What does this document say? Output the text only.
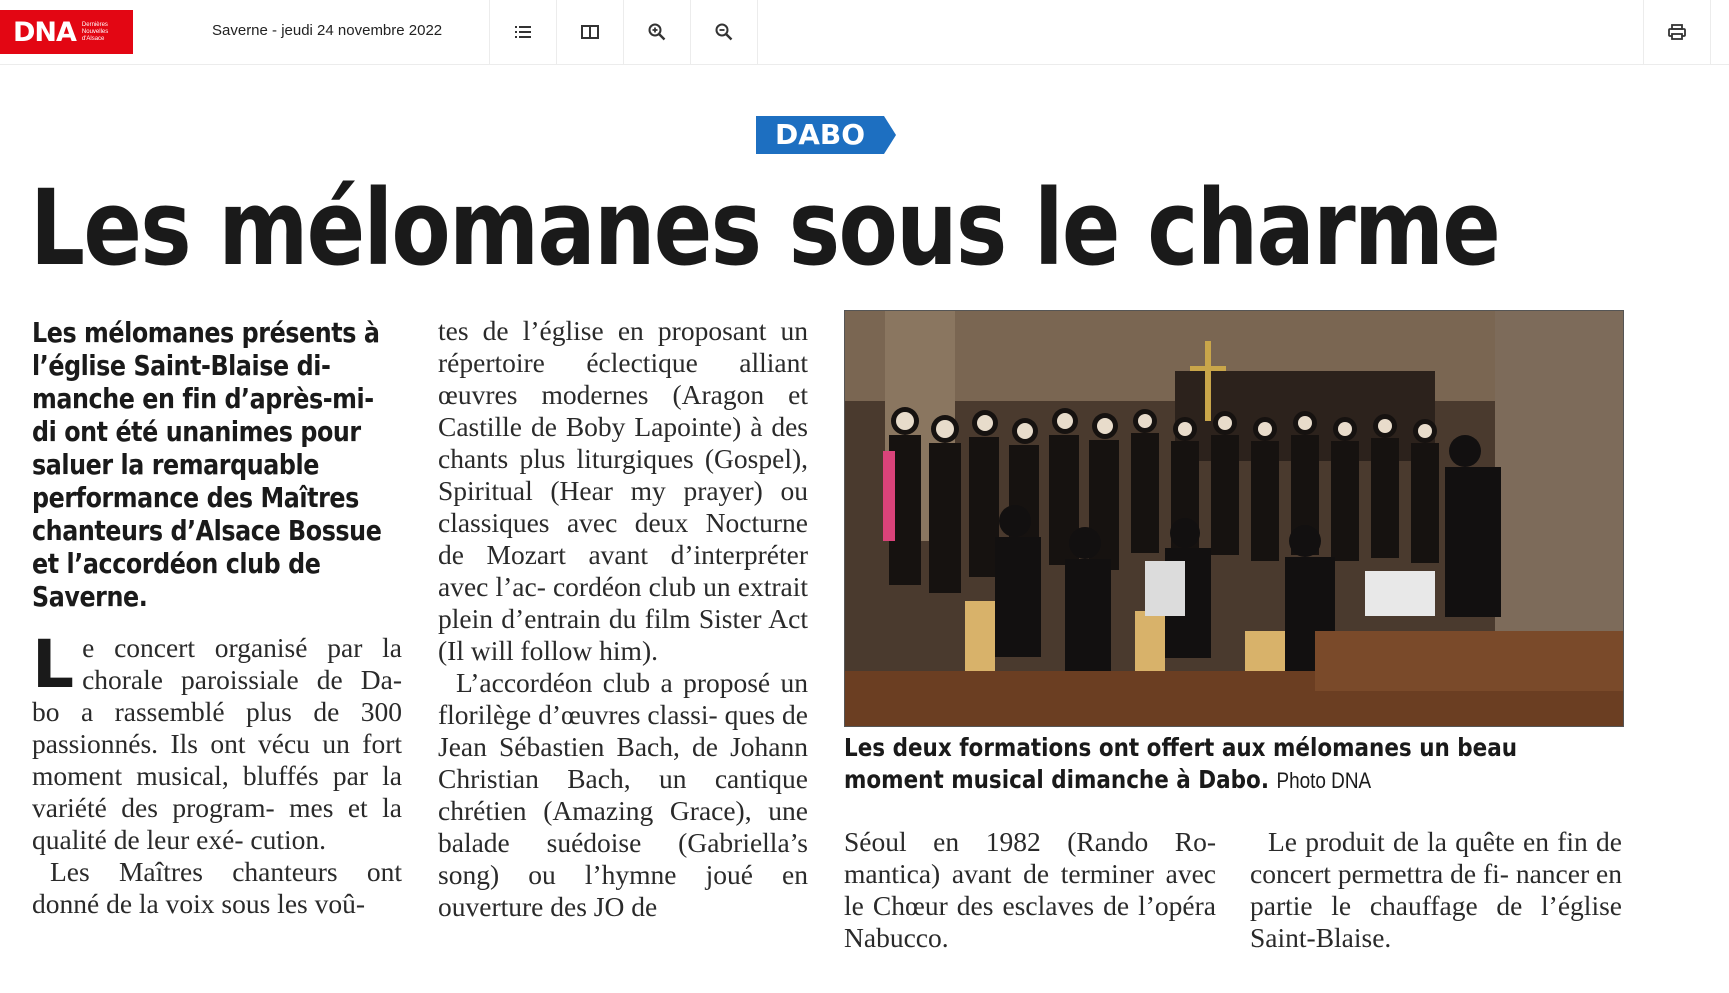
DNA Dernières Nouvelles d'Alsace	Saverne - jeudi 24 novembre 2022
DABO
Les mélomanes sous le charme
Les mélomanes présents à l’église Saint-Blaise di- manche en fin d’après-mi- di ont été unanimes pour saluer la remarquable performance des Maîtres chanteurs d’Alsace Bossue et l’accordéon club de Saverne.

Le concert organisé par la chorale paroissiale de Da- bo a rassemblé plus de 300 passionnés. Ils ont vécu un fort moment musical, bluffés par la variété des program- mes et la qualité de leur exé- cution.

Les Maîtres chanteurs ont donné de la voix sous les voû-

tes de l’église en proposant un répertoire éclectique alliant œuvres modernes (Aragon et Castille de Boby Lapointe) à des chants plus liturgiques (Gospel), Spiritual (Hear my prayer) ou classiques avec deux Nocturne de Mozart avant d’interpréter avec l’ac- cordéon club un extrait plein d’entrain du film Sister Act (Il will follow him).

L’accordéon club a proposé un florilège d’œuvres classi- ques de Jean Sébastien Bach, de Johann Christian Bach, un cantique chrétien (Amazing Grace), une balade suédoise (Gabriella’s song) ou l’hymne joué en ouverture des JO de

Les deux formations ont offert aux mélomanes un beau moment musical dimanche à Dabo. Photo DNA

Séoul en 1982 (Rando Ro- mantica) avant de terminer avec le Chœur des esclaves de l’opéra Nabucco.

Le produit de la quête en fin de concert permettra de fi- nancer en partie le chauffage de l’église Saint-Blaise.
